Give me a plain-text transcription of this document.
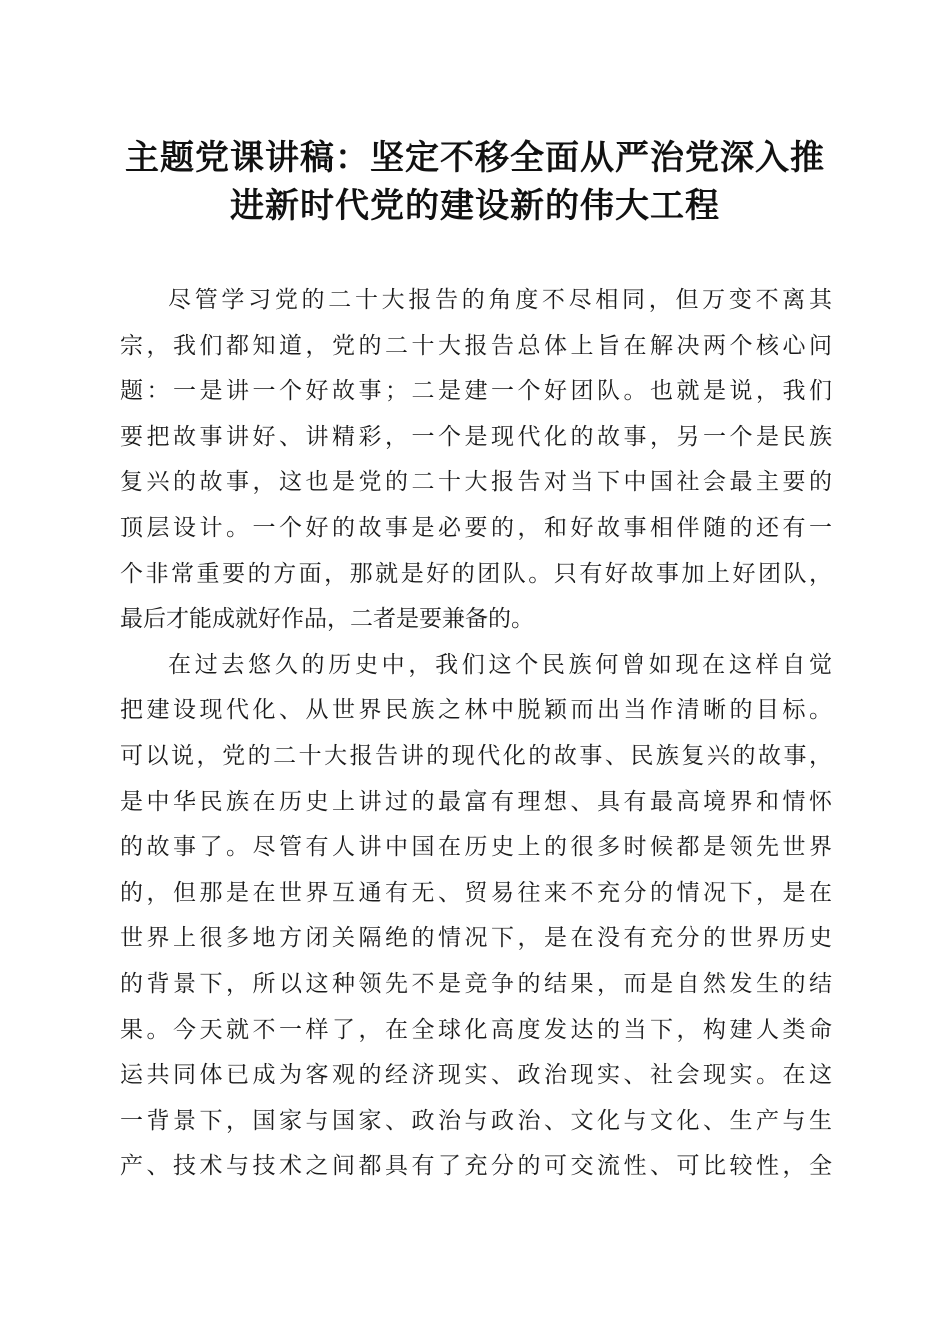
主题党课讲稿：坚定不移全面从严治党深入推
进新时代党的建设新的伟大工程
尽管学习党的二十大报告的角度不尽相同，但万变不离其
宗，我们都知道，党的二十大报告总体上旨在解决两个核心问
题：一是讲一个好故事；二是建一个好团队。也就是说，我们
要把故事讲好、讲精彩，一个是现代化的故事，另一个是民族
复兴的故事，这也是党的二十大报告对当下中国社会最主要的
顶层设计。一个好的故事是必要的，和好故事相伴随的还有一
个非常重要的方面，那就是好的团队。只有好故事加上好团队，
最后才能成就好作品，二者是要兼备的。
在过去悠久的历史中，我们这个民族何曾如现在这样自觉
把建设现代化、从世界民族之林中脱颖而出当作清晰的目标。
可以说，党的二十大报告讲的现代化的故事、民族复兴的故事，
是中华民族在历史上讲过的最富有理想、具有最高境界和情怀
的故事了。尽管有人讲中国在历史上的很多时候都是领先世界
的，但那是在世界互通有无、贸易往来不充分的情况下，是在
世界上很多地方闭关隔绝的情况下，是在没有充分的世界历史
的背景下，所以这种领先不是竞争的结果，而是自然发生的结
果。今天就不一样了，在全球化高度发达的当下，构建人类命
运共同体已成为客观的经济现实、政治现实、社会现实。在这
一背景下，国家与国家、政治与政治、文化与文化、生产与生
产、技术与技术之间都具有了充分的可交流性、可比较性，全
